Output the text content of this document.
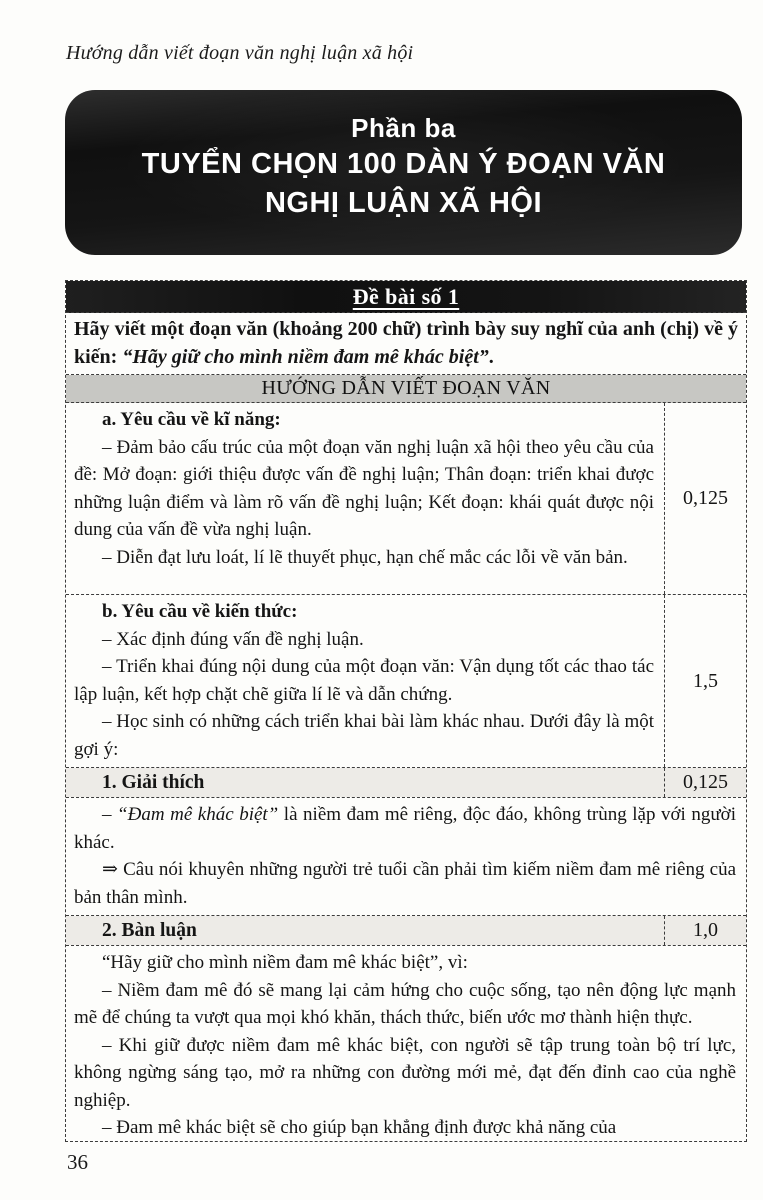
Hướng dẫn viết đoạn văn nghị luận xã hội
Phần ba
TUYỂN CHỌN 100 DÀN Ý ĐOẠN VĂN
NGHỊ LUẬN XÃ HỘI
Đề bài số 1
Hãy viết một đoạn văn (khoảng 200 chữ) trình bày suy nghĩ của anh (chị) về ý kiến: “Hãy giữ cho mình niềm đam mê khác biệt”.
HƯỚNG DẪN VIẾT ĐOẠN VĂN

a. Yêu cầu về kĩ năng:

– Đảm bảo cấu trúc của một đoạn văn nghị luận xã hội theo yêu cầu của đề: Mở đoạn: giới thiệu được vấn đề nghị luận; Thân đoạn: triển khai được những luận điểm và làm rõ vấn đề nghị luận; Kết đoạn: khái quát được nội dung của vấn đề vừa nghị luận.

– Diễn đạt lưu loát, lí lẽ thuyết phục, hạn chế mắc các lỗi về văn bản.

0,125

b. Yêu cầu về kiến thức:

– Xác định đúng vấn đề nghị luận.

– Triển khai đúng nội dung của một đoạn văn: Vận dụng tốt các thao tác lập luận, kết hợp chặt chẽ giữa lí lẽ và dẫn chứng.

– Học sinh có những cách triển khai bài làm khác nhau. Dưới đây là một gợi ý:

1,5
1. Giải thích	0,125

– “Đam mê khác biệt” là niềm đam mê riêng, độc đáo, không trùng lặp với người khác.

⇒ Câu nói khuyên những người trẻ tuổi cần phải tìm kiếm niềm đam mê riêng của bản thân mình.

2. Bàn luận	1,0

“Hãy giữ cho mình niềm đam mê khác biệt”, vì:

– Niềm đam mê đó sẽ mang lại cảm hứng cho cuộc sống, tạo nên động lực mạnh mẽ để chúng ta vượt qua mọi khó khăn, thách thức, biến ước mơ thành hiện thực.

– Khi giữ được niềm đam mê khác biệt, con người sẽ tập trung toàn bộ trí lực, không ngừng sáng tạo, mở ra những con đường mới mẻ, đạt đến đỉnh cao của nghề nghiệp.

– Đam mê khác biệt sẽ cho giúp bạn khẳng định được khả năng của

36
